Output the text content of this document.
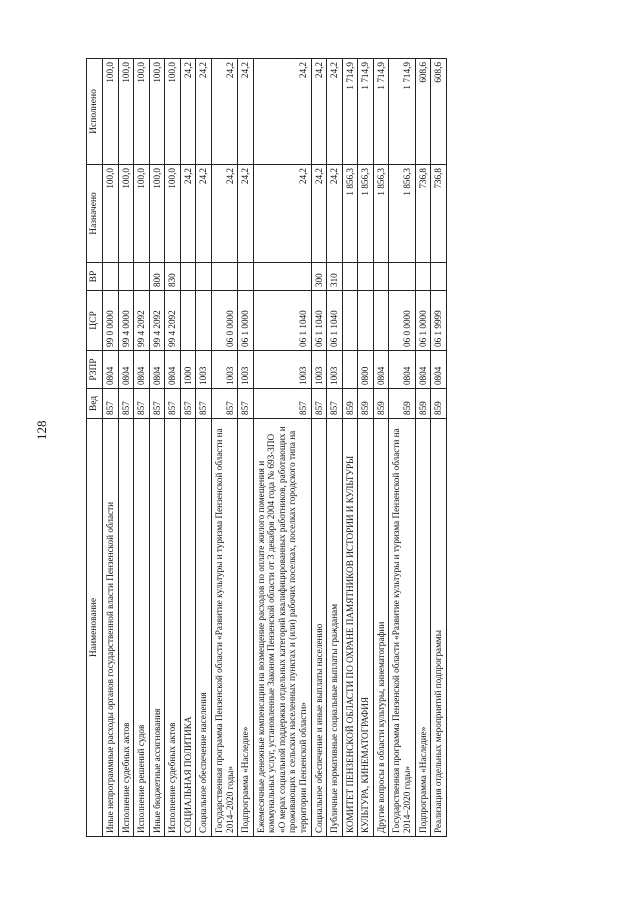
128
Наименование	Вед	Р3ПР	ЦСР	ВР	Назначено	Исполнено
Иные непрограммные расходы органов государственной власти Пензенской области	857	0804	99 0 0000		100,0	100,0
Исполнение судебных актов	857	0804	99 4 0000		100,0	100,0
Исполнение решений судов	857	0804	99 4 2092		100,0	100,0
Иные бюджетные ассигнования	857	0804	99 4 2092	800	100,0	100,0
Исполнение судебных актов	857	0804	99 4 2092	830	100,0	100,0
СОЦИАЛЬНАЯ ПОЛИТИКА	857	1000			24,2	24,2
Социальное обеспечение населения	857	1003			24,2	24,2
Государственная программа Пензенской области «Развитие культуры и туризма Пензенской области на 2014–2020 годы»	857	1003	06 0 0000		24,2	24,2
Подпрограмма «Наследие»	857	1003	06 1 0000		24,2	24,2
Ежемесячные денежные компенсации на возмещение расходов по оплате жилого помещения и коммунальных услуг, установленные Законом Пензенской области от 3 декабря 2004 года № 693-ЗПО «О мерах социальной поддержки отдельных категорий квалифицированных работников, работающих и проживающих в сельских населенных пунктах и (или) рабочих поселках, поселках городского типа на территории Пензенской области»	857	1003	06 1 1040		24,2	24,2
Социальное обеспечение и иные выплаты населению	857	1003	06 1 1040	300	24,2	24,2
Публичные нормативные социальные выплаты гражданам	857	1003	06 1 1040	310	24,2	24,2
КОМИТЕТ ПЕНЗЕНСКОЙ ОБЛАСТИ ПО ОХРАНЕ ПАМЯТНИКОВ ИСТОРИИ И КУЛЬТУРЫ	859				1 856,3	1 714,9
КУЛЬТУРА, КИНЕМАТОГРАФИЯ	859	0800			1 856,3	1 714,9
Другие вопросы в области культуры, кинематографии	859	0804			1 856,3	1 714,9
Государственная программа Пензенской области «Развитие культуры и туризма Пензенской области на 2014–2020 годы»	859	0804	06 0 0000		1 856,3	1 714,9
Подпрограмма «Наследие»	859	0804	06 1 0000		736,8	608,6
Реализация отдельных мероприятий подпрограммы	859	0804	06 1 9999		736,8	608,6
